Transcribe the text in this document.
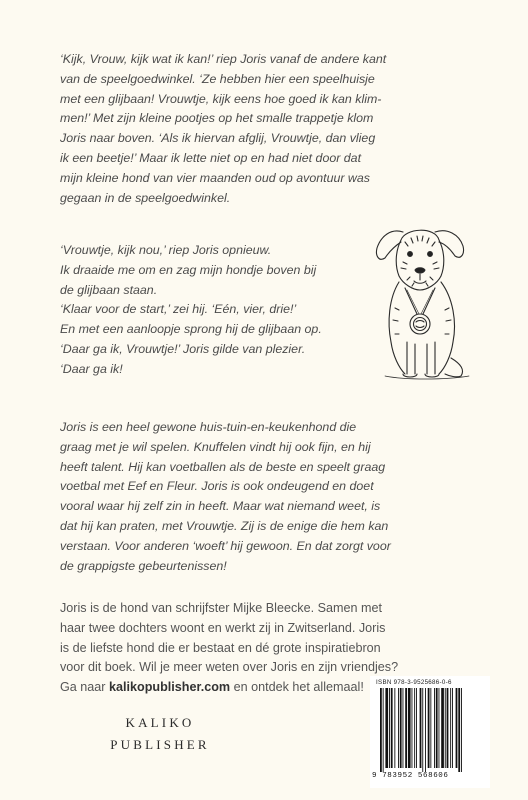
‘Kijk, Vrouw, kijk wat ik kan!’ riep Joris vanaf de andere kant
van de speelgoedwinkel. ‘Ze hebben hier een speelhuisje
met een glijbaan! Vrouwtje, kijk eens hoe goed ik kan klim-
men!’ Met zijn kleine pootjes op het smalle trappetje klom
Joris naar boven. ‘Als ik hiervan afglij, Vrouwtje, dan vlieg
ik een beetje!’ Maar ik lette niet op en had niet door dat
mijn kleine hond van vier maanden oud op avontuur was
gegaan in de speelgoedwinkel.

‘Vrouwtje, kijk nou,’ riep Joris opnieuw.
Ik draaide me om en zag mijn hondje boven bij
de glijbaan staan.
‘Klaar voor de start,’ zei hij. ‘Eén, vier, drie!’
En met een aanloopje sprong hij de glijbaan op.
‘Daar ga ik, Vrouwtje!’ Joris gilde van plezier.
‘Daar ga ik!

Joris is een heel gewone huis-tuin-en-keukenhond die
graag met je wil spelen. Knuffelen vindt hij ook fijn, en hij
heeft talent. Hij kan voetballen als de beste en speelt graag
voetbal met Eef en Fleur. Joris is ook ondeugend en doet
vooral waar hij zelf zin in heeft. Maar wat niemand weet, is
dat hij kan praten, met Vrouwtje. Zij is de enige die hem kan
verstaan. Voor anderen ‘woeft’ hij gewoon. En dat zorgt voor
de grappigste gebeurtenissen!

Joris is de hond van schrijfster Mijke Bleecke. Samen met
haar twee dochters woont en werkt zij in Zwitserland. Joris
is de liefste hond die er bestaat en dé grote inspiratiebron
voor dit boek. Wil je meer weten over Joris en zijn vriendjes?
Ga naar kalikopublisher.com en ontdek het allemaal!

KALIKO
PUBLISHER
ISBN 978-3-9525686-0-6
9 783952 568606
